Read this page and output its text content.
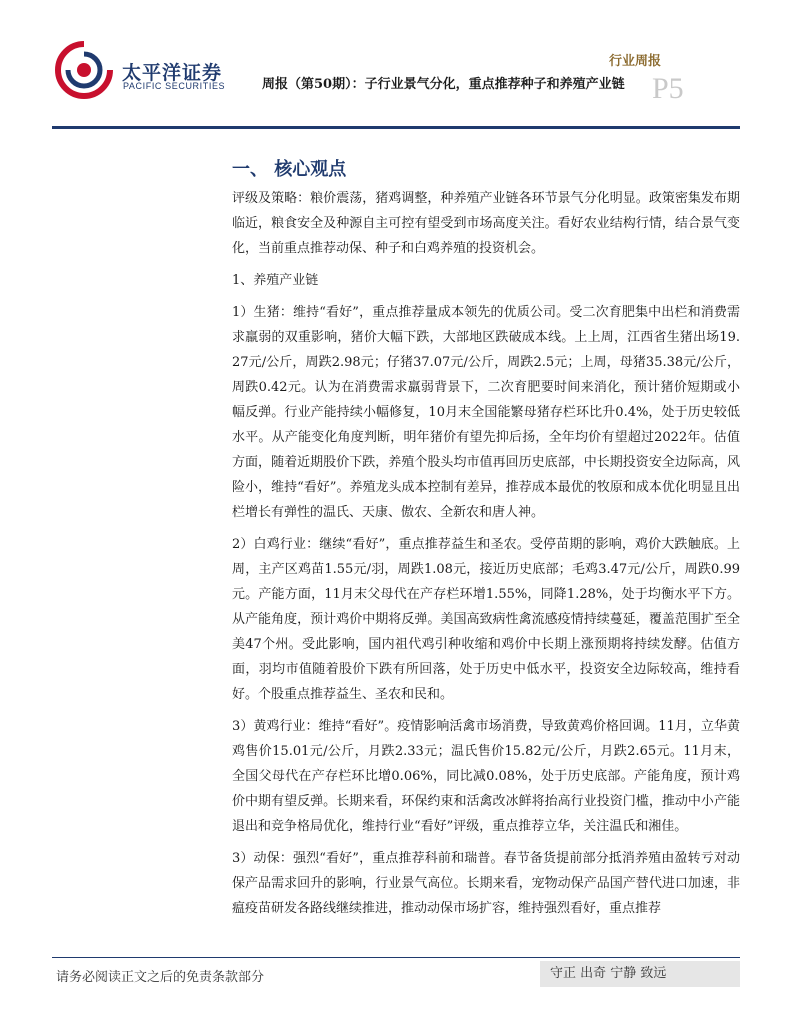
太平洋证券
PACIFIC SECURITIES
行业周报
周报（第50期）：子行业景气分化，重点推荐种子和养殖产业链 P5
一、 核心观点

评级及策略：粮价震荡，猪鸡调整，种养殖产业链各环节景气分化明显。政策密集发布期临近，粮食安全及种源自主可控有望受到市场高度关注。看好农业结构行情，结合景气变化，当前重点推荐动保、种子和白鸡养殖的投资机会。

1、养殖产业链

1）生猪：维持“看好”，重点推荐量成本领先的优质公司。受二次育肥集中出栏和消费需求羸弱的双重影响，猪价大幅下跌，大部地区跌破成本线。上上周，江西省生猪出场19.27元/公斤，周跌2.98元；仔猪37.07元/公斤，周跌2.5元；上周，母猪35.38元/公斤，周跌0.42元。认为在消费需求羸弱背景下，二次育肥要时间来消化，预计猪价短期或小幅反弹。行业产能持续小幅修复，10月末全国能繁母猪存栏环比升0.4%，处于历史较低水平。从产能变化角度判断，明年猪价有望先抑后扬，全年均价有望超过2022年。估值方面，随着近期股价下跌，养殖个股头均市值再回历史底部，中长期投资安全边际高，风险小，维持“看好”。养殖龙头成本控制有差异，推荐成本最优的牧原和成本优化明显且出栏增长有弹性的温氏、天康、傲农、全新农和唐人神。

2）白鸡行业：继续“看好”，重点推荐益生和圣农。受停苗期的影响，鸡价大跌触底。上周，主产区鸡苗1.55元/羽，周跌1.08元，接近历史底部；毛鸡3.47元/公斤，周跌0.99元。产能方面，11月末父母代在产存栏环增1.55%，同降1.28%，处于均衡水平下方。从产能角度，预计鸡价中期将反弹。美国高致病性禽流感疫情持续蔓延，覆盖范围扩至全美47个州。受此影响，国内祖代鸡引种收缩和鸡价中长期上涨预期将持续发酵。估值方面，羽均市值随着股价下跌有所回落，处于历史中低水平，投资安全边际较高，维持看好。个股重点推荐益生、圣农和民和。

3）黄鸡行业：维持“看好”。疫情影响活禽市场消费，导致黄鸡价格回调。11月，立华黄鸡售价15.01元/公斤，月跌2.33元；温氏售价15.82元/公斤，月跌2.65元。11月末，全国父母代在产存栏环比增0.06%，同比减0.08%，处于历史底部。产能角度，预计鸡价中期有望反弹。长期来看，环保约束和活禽改冰鲜将抬高行业投资门槛，推动中小产能退出和竞争格局优化，维持行业“看好”评级，重点推荐立华，关注温氏和湘佳。

3）动保：强烈“看好”，重点推荐科前和瑞普。春节备货提前部分抵消养殖由盈转亏对动保产品需求回升的影响，行业景气高位。长期来看，宠物动保产品国产替代进口加速，非瘟疫苗研发各路线继续推进，推动动保市场扩容，维持强烈看好，重点推荐

请务必阅读正文之后的免责条款部分	守正 出奇 宁静 致远
